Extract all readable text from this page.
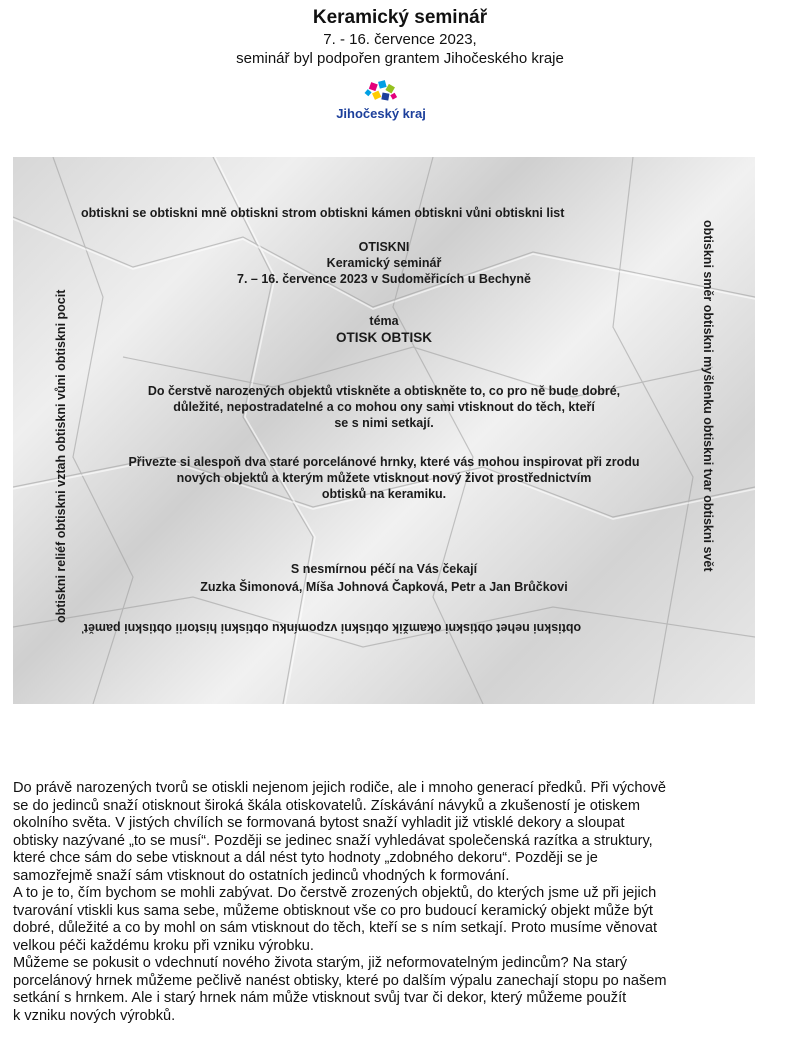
Keramický seminář
7. - 16. července 2023,
seminář byl podpořen grantem Jihočeského kraje
Jihočeský kraj
obtiskni se obtiskni mně obtiskni strom obtiskni kámen obtiskni vůni obtiskni list
obtiskni reliéf obtiskni vztah obtiskni vůni obtiskni pocit	obtiskni směr obtiskni myšlenku obtiskni tvar obtiskni svět
obtiskni nehet obtiskni okamžik obtiskni vzpomínku obtiskni historii obtiskni paměť
OTISKNI
Keramický seminář
7. – 16. července 2023 v Sudoměřicích u Bechyně
téma
OTISK OBTISK
Do čerstvě narozených objektů vtiskněte a obtiskněte to, co pro ně bude dobré,
důležité, nepostradatelné a co mohou ony sami vtisknout do těch, kteří
se s nimi setkají.
Přivezte si alespoň dva staré porcelánové hrnky, které vás mohou inspirovat při zrodu
nových objektů a kterým můžete vtisknout nový život prostřednictvím
obtisků na keramiku.
S nesmírnou péčí na Vás čekají
Zuzka Šimonová, Míša Johnová Čapková, Petr a Jan Brůčkovi

Do právě narozených tvorů se otiskli nejenom jejich rodiče, ale i mnoho generací předků. Při výchově

se do jedinců snaží otisknout široká škála otiskovatelů. Získávání návyků a zkušeností je otiskem

okolního světa. V jistých chvílích se formovaná bytost snaží vyhladit již vtisklé dekory a sloupat

obtisky nazývané „to se musí“. Později se jedinec snaží vyhledávat společenská razítka a struktury,

které chce sám do sebe vtisknout a dál nést tyto hodnoty „zdobného dekoru“. Později se je

samozřejmě snaží sám vtisknout do ostatních jedinců vhodných k formování.

A to je to, čím bychom se mohli zabývat. Do čerstvě zrozených objektů, do kterých jsme už při jejich

tvarování vtiskli kus sama sebe, můžeme obtisknout vše co pro budoucí keramický objekt může být

dobré, důležité a co by mohl on sám vtisknout do těch, kteří se s ním setkají. Proto musíme věnovat

velkou péči každému kroku při vzniku výrobku.

Můžeme se pokusit o vdechnutí nového života starým, již neformovatelným jedincům? Na starý

porcelánový hrnek můžeme pečlivě nanést obtisky, které po dalším výpalu zanechají stopu po našem

setkání s hrnkem. Ale i starý hrnek nám může vtisknout svůj tvar či dekor, který můžeme použít

k vzniku nových výrobků.
